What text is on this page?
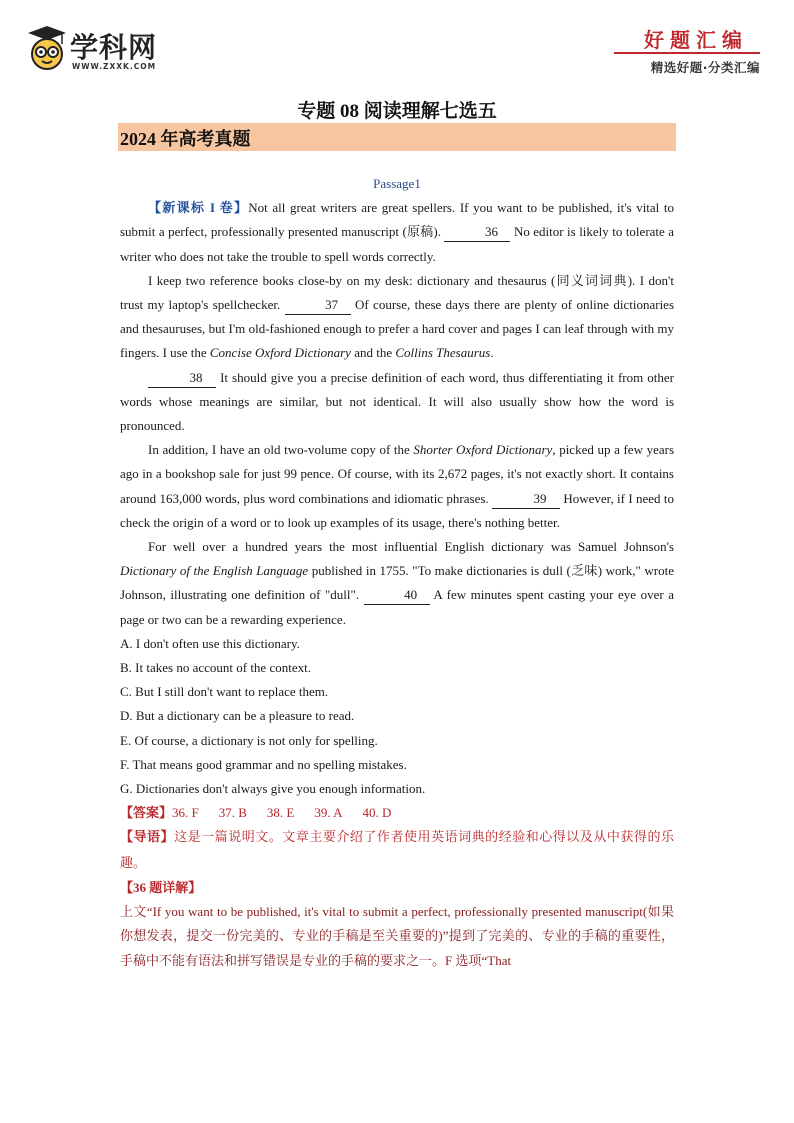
学科网
WWW.ZXXK.COM
好题汇编
精选好题·分类汇编
专题 08 阅读理解七选五
2024 年高考真题

Passage1

【新课标 I 卷】Not all great writers are great spellers. If you want to be published, it's vital to submit a perfect, professionally presented manuscript (原稿).	36 No editor is likely to tolerate a writer who does not take the trouble to spell words correctly.

I keep two reference books close-by on my desk: dictionary and thesaurus (同义词词典). I don't trust my laptop's spellchecker.	37 Of course, these days there are plenty of online dictionaries and thesauruses, but I'm old-fashioned enough to prefer a hard cover and pages I can leaf through with my fingers. I use the Concise Oxford Dictionary and the Collins Thesaurus.

38 It should give you a precise definition of each word, thus differentiating it from other words whose meanings are similar, but not identical. It will also usually show how the word is pronounced.

In addition, I have an old two-volume copy of the Shorter Oxford Dictionary, picked up a few years ago in a bookshop sale for just 99 pence. Of course, with its 2,672 pages, it's not exactly short. It contains around 163,000 words, plus word combinations and idiomatic phrases.	39 However, if I need to check the origin of a word or to look up examples of its usage, there's nothing better.

For well over a hundred years the most influential English dictionary was Samuel Johnson's Dictionary of the English Language published in 1755. "To make dictionaries is dull (乏味) work," wrote Johnson, illustrating one definition of "dull".	40 A few minutes spent casting your eye over a page or two can be a rewarding experience.

A. I don't often use this dictionary.

B. It takes no account of the context.

C. But I still don't want to replace them.

D. But a dictionary can be a pleasure to read.

E. Of course, a dictionary is not only for spelling.

F. That means good grammar and no spelling mistakes.

G. Dictionaries don't always give you enough information.

【答案】36. F 37. B 38. E 39. A 40. D

【导语】这是一篇说明文。文章主要介绍了作者使用英语词典的经验和心得以及从中获得的乐趣。

【36 题详解】

上文“If you want to be published, it's vital to submit a perfect, professionally presented manuscript(如果你想发表，提交一份完美的、专业的手稿是至关重要的)”提到了完美的、专业的手稿的重要性，手稿中不能有语法和拼写错误是专业的手稿的要求之一。F 选项“That
